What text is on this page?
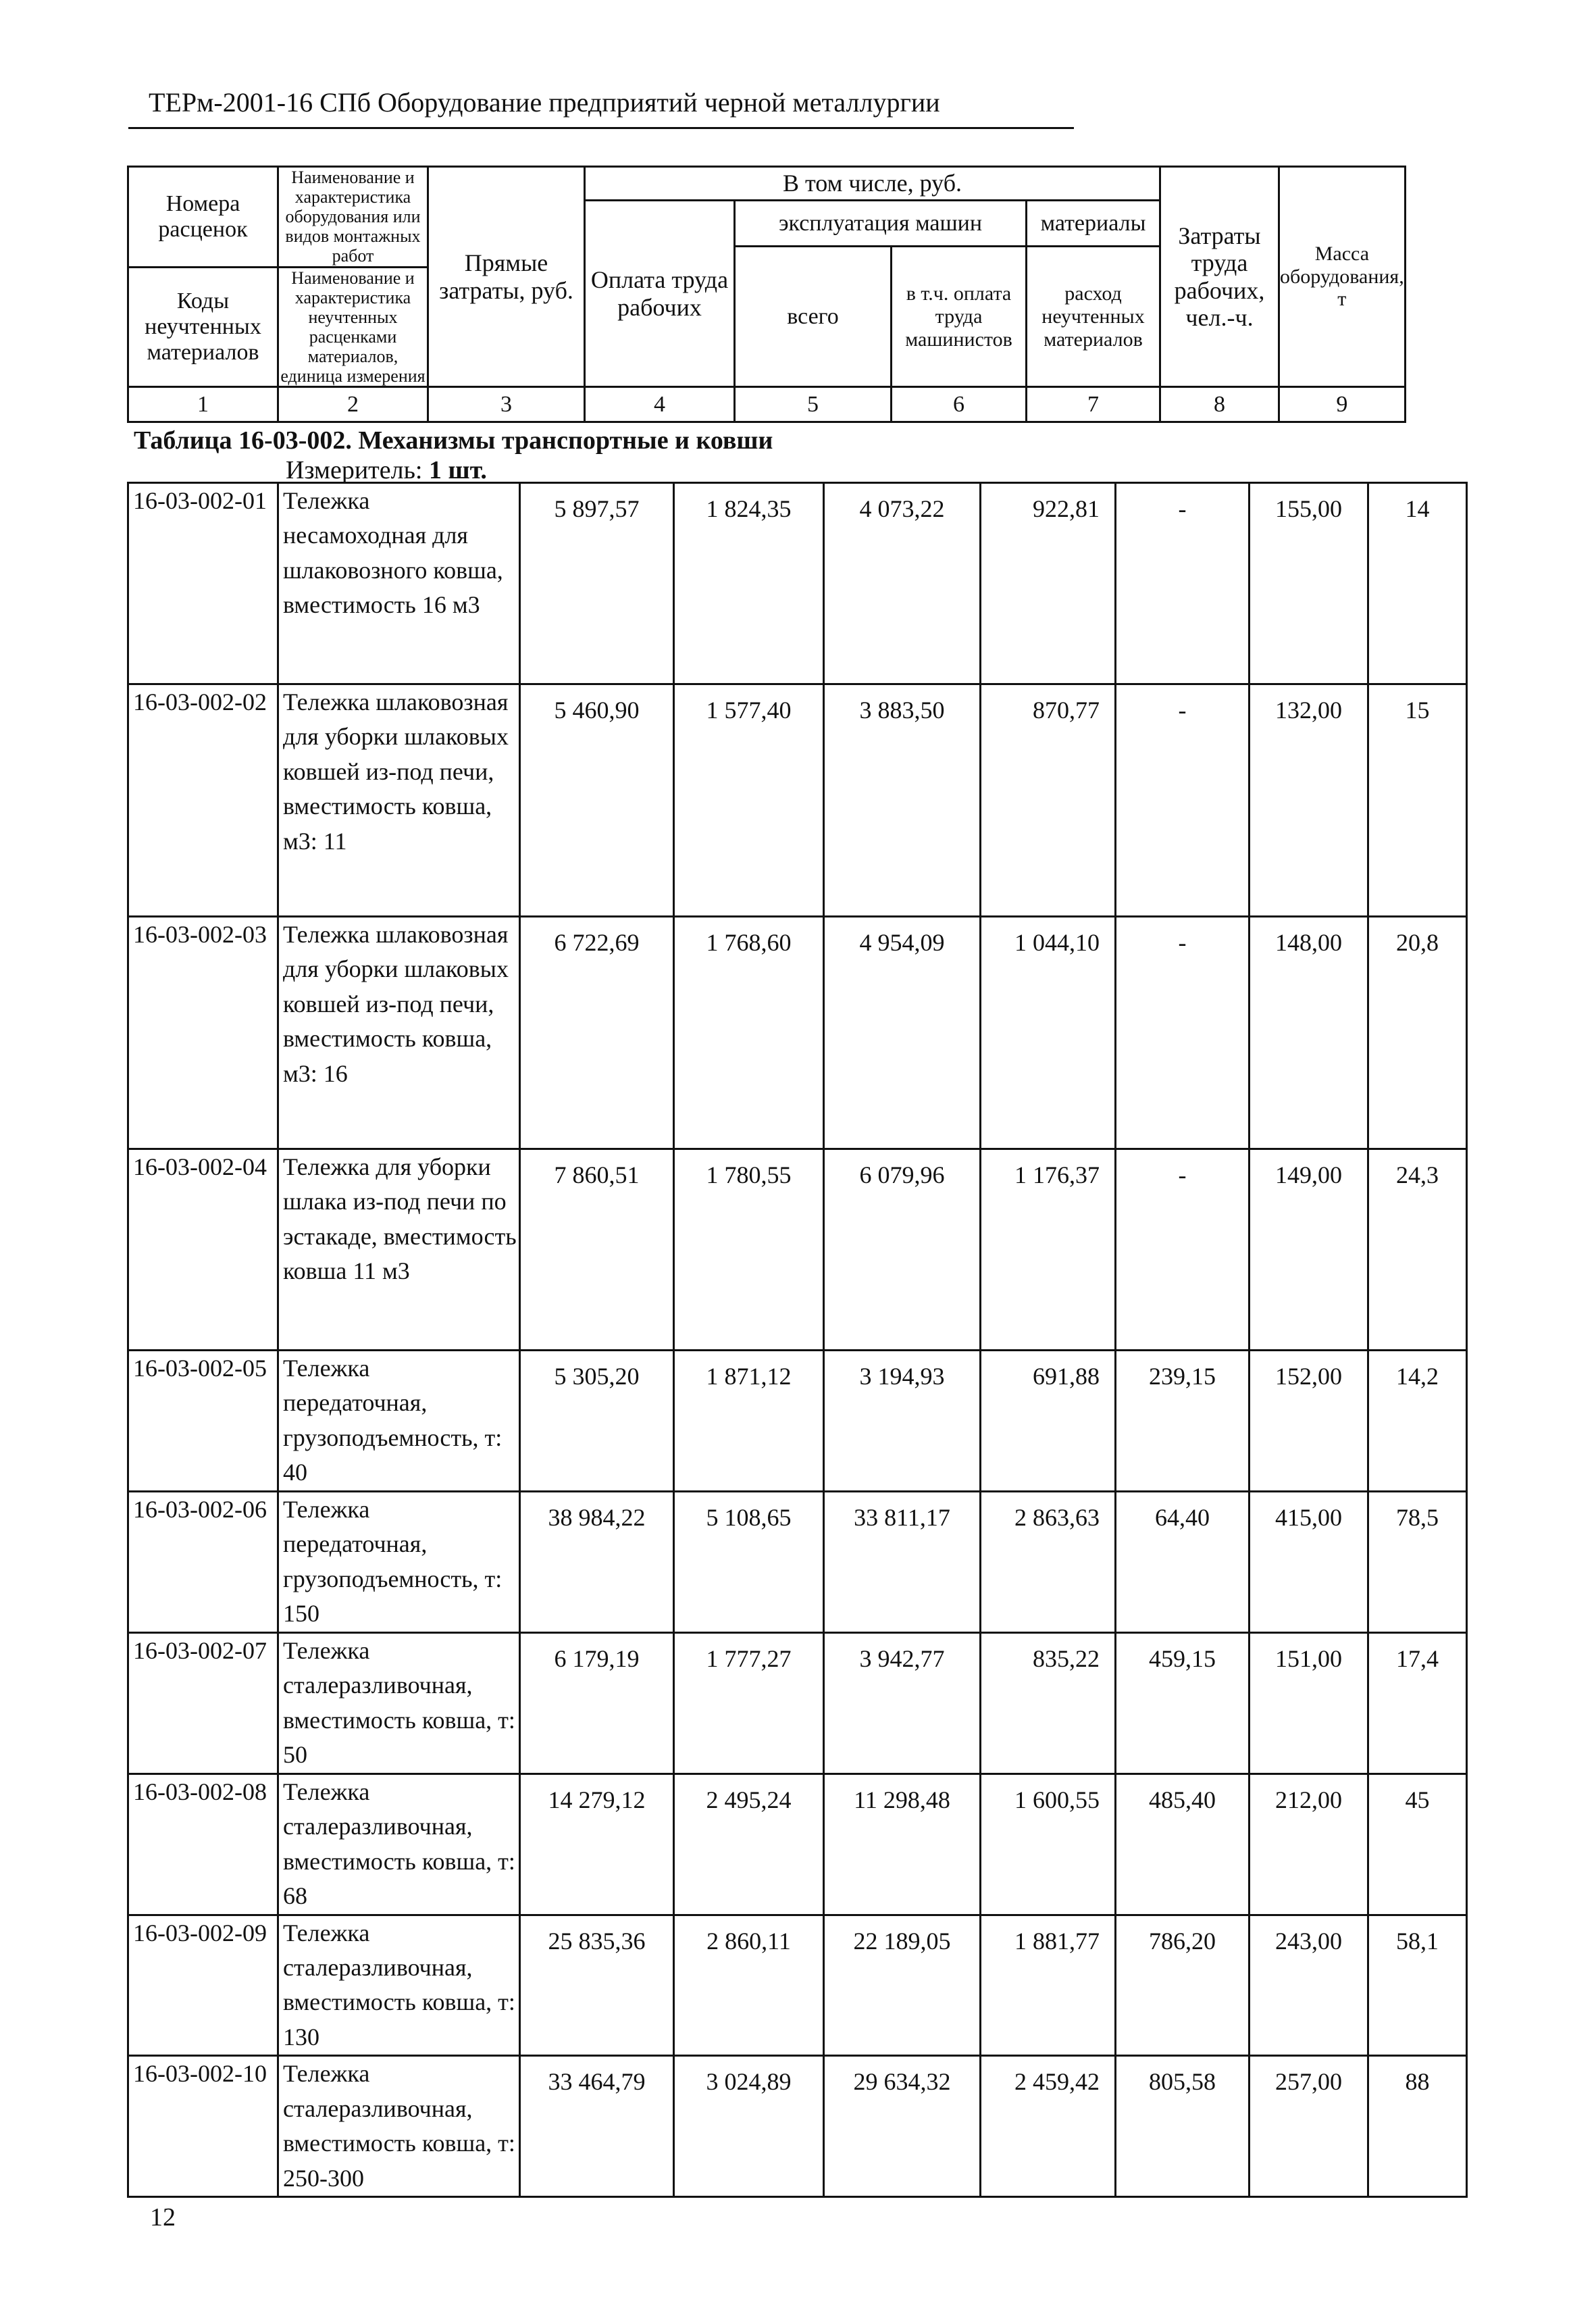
ТЕРм-2001-16 СПб Оборудование предприятий черной металлургии
Номера расценок	Наименование и характеристика оборудования или видов монтажных работ	Прямые затраты, руб.	В том числе, руб.				Затраты труда рабочих, чел.-ч.	Масса оборудования, т
			Оплата труда рабочих	эксплуатация машин		материалы		
				всего	в т.ч. оплата труда машинистов	расход неучтенных материалов		
Коды неучтенных материалов	Наименование и характеристика неучтенных расценками материалов, единица измерения							

1	2	3	4	5	6	7	8	9
Таблица 16-03-002. Механизмы транспортные и ковши
Измеритель: 1 шт.
16-03-002-01	Тележка несамоходная для шлаковозного ковша, вместимость 16 м3	5 897,57	1 824,35	4 073,22	922,81	-	155,00	14
16-03-002-02	Тележка шлаковозная для уборки шлаковых ковшей из-под печи, вместимость ковша, м3: 11	5 460,90	1 577,40	3 883,50	870,77	-	132,00	15
16-03-002-03	Тележка шлаковозная для уборки шлаковых ковшей из-под печи, вместимость ковша, м3: 16	6 722,69	1 768,60	4 954,09	1 044,10	-	148,00	20,8
16-03-002-04	Тележка для уборки шлака из-под печи по эстакаде, вместимость ковша 11 м3	7 860,51	1 780,55	6 079,96	1 176,37	-	149,00	24,3
16-03-002-05	Тележка передаточная, грузоподъемность, т: 40	5 305,20	1 871,12	3 194,93	691,88	239,15	152,00	14,2
16-03-002-06	Тележка передаточная, грузоподъемность, т: 150	38 984,22	5 108,65	33 811,17	2 863,63	64,40	415,00	78,5
16-03-002-07	Тележка сталеразливочная, вместимость ковша, т: 50	6 179,19	1 777,27	3 942,77	835,22	459,15	151,00	17,4
16-03-002-08	Тележка сталеразливочная, вместимость ковша, т: 68	14 279,12	2 495,24	11 298,48	1 600,55	485,40	212,00	45
16-03-002-09	Тележка сталеразливочная, вместимость ковша, т: 130	25 835,36	2 860,11	22 189,05	1 881,77	786,20	243,00	58,1
16-03-002-10	Тележка сталеразливочная, вместимость ковша, т: 250-300	33 464,79	3 024,89	29 634,32	2 459,42	805,58	257,00	88
12
